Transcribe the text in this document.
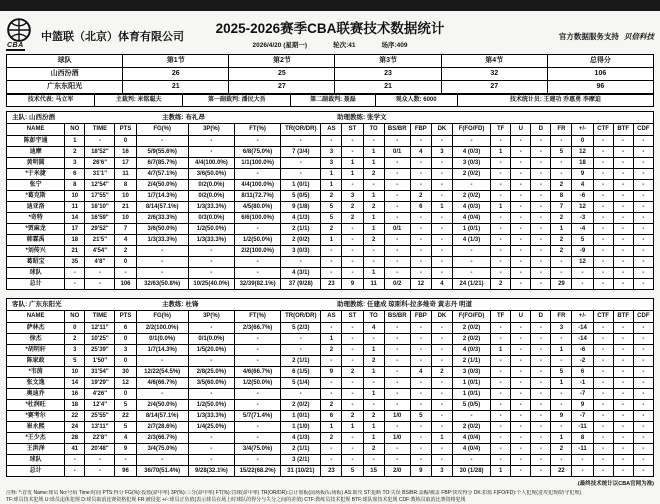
CBA
中篮联（北京）体育有限公司
2025-2026赛季CBA联赛技术数据统计
2026/4/20 (星期一)	轮次:41	场序:409
官方数据服务支持 贝倍科技
球队	第1节	第2节	第3节	第4节	总得分
山西汾酒	26	25	23	32	106
广东东阳光	21	27	21	27	96
技术代表: 马立军	主裁判: 米铭聪夫	第一副裁判: 潘民大吾	第二副裁判: 聂磊	观众人数: 6000	技术统计员: 王建功 乔惠勇 李摩迫
主队: 山西汾酒	主教练: 布礼昂	助理教练: 张学文
NAME	NO	TIME	PTS	FG(%)	3P(%)	FT(%)	TR(OR/DR)	AS	ST	TO	BS/BR	FBP	DK	F(FO/FD)	TF	U	D	FR	+/-	CTF	BTF	CDF
陈彭宇通	1	-	0	-	-	-	-	-	-	-	-	-	-	-	-	-	-	-	0	-	-	-
迪摩	2	18'52"	16	5/9(55.6%)	-	6/8(75.0%)	7 (3/4)	3	-	1	0/1	4	3	4 (0/3)	1	-	-	5	12	-	-	-
黄明圆	3	26'6"	17	6/7(85.7%)	4/4(100.0%)	1/1(100.0%)	-	3	1	1	-	-	-	3 (0/3)	-	-	-	-	18	-	-	-
*于米捷	6	31'1"	11	4/7(57.1%)	3/6(50.0%)	-	-	1	1	2	-	-	-	2 (0/2)	-	-	-	-	9	-	-	-
张宁	8	12'54"	8	2/4(50.0%)	0/2(0.0%)	4/4(100.0%)	1 (0/1)	1	-	-	-	-	-	-	-	-	-	2	4	-	-	-
*葛克斯	10	17'55"	10	1/7(14.3%)	0/2(0.0%)	8/11(72.7%)	5 (0/5)	2	3	1	-	2	-	2 (0/2)	-	-	-	8	-6	-	-	-
迪亚洛	11	16'10"	21	8/14(57.1%)	1/3(33.3%)	4/5(80.0%)	9 (1/8)	5	2	2	-	6	1	4 (0/3)	1	-	-	7	12	-	-	-
*奇特	14	16'59"	10	2/6(33.3%)	0/3(0.0%)	6/6(100.0%)	4 (1/3)	5	2	1	-	-	-	4 (0/4)	-	-	-	2	-3	-	-	-
*贾麻龙	17	29'52"	7	3/6(50.0%)	1/2(50.0%)	-	2 (1/1)	2	-	1	0/1	-	-	1 (0/1)	-	-	-	1	-4	-	-	-
韩霖禹	18	21'5"	4	1/3(33.3%)	1/3(33.3%)	1/2(50.0%)	2 (0/2)	1	-	2	-	-	-	4 (1/3)	-	-	-	2	5	-	-	-
*刘传兴	21	4'54"	2	-	-	2/2(100.0%)	3 (0/3)	-	-	-	-	-	-	-	-	-	-	2	-9	-	-	-
葛昭宝	35	4'8"	0	-	-	-	-	-	-	-	-	-	-	-	-	-	-	-	12	-	-	-
球队	-	-	-	-	-	-	4 (3/1)	-	-	1	-	-	-	-	-	-	-	-	-	-	-	-
总计	-	-	106	32/63(50.8%)	10/25(40.0%)	32/39(82.1%)	37 (9/28)	23	9	11	0/2	12	4	24 (1/21)	2	-	-	29	-	-	-	-
客队: 广东东阳光	主教练: 杜锋	助理教练: 任建成 琼斯科-拉多维奇 黄志丹 明道
NAME	NO	TIME	PTS	FG(%)	3P(%)	FT(%)	TR(OR/DR)	AS	ST	TO	BS/BR	FBP	DK	F(FO/FD)	TF	U	D	FR	+/-	CTF	BTF	CDF
萨林杰	0	12'11"	6	2/2(100.0%)	-	2/3(66.7%)	5 (2/3)	-	-	4	-	-	-	2 (0/2)	-	-	-	3	-14	-	-	-
徐杰	2	10'25"	0	0/1(0.0%)	0/1(0.0%)	-	-	1	-	-	-	-	-	2 (0/2)	-	-	-	-	-14	-	-	-
*胡明轩	3	25'39"	3	1/7(14.3%)	1/5(20.0%)	-	-	2	-	1	-	-	-	4 (0/3)	1	-	-	1	-6	-	-	-
陈家政	5	1'50"	0	-	-	-	2 (1/1)	-	-	2	-	-	-	2 (1/1)	-	-	-	-	-2	-	-	-
*韦茵	10	31'54"	30	12/22(54.5%)	2/8(25.0%)	4/6(66.7%)	6 (1/5)	9	2	1	-	4	2	3 (0/3)	-	-	-	5	6	-	-	-
张文逸	14	19'29"	12	4/6(66.7%)	3/5(60.0%)	1/2(50.0%)	5 (1/4)	-	-	-	-	-	-	1 (0/1)	-	-	-	1	-1	-	-	-
奥迪乔	16	4'26"	0	-	-	-	-	-	-	1	-	-	-	1 (0/1)	-	-	-	-	-7	-	-	-
*杜润旺	18	12'4"	5	2/4(50.0%)	1/2(50.0%)	-	2 (0/2)	2	-	-	-	-	-	5 (0/5)	-	-	-	-	9	-	-	-
*赛考尔	22	25'55"	22	8/14(57.1%)	1/3(33.3%)	5/7(71.4%)	1 (0/1)	6	2	2	1/0	5	-	-	-	-	-	9	-7	-	-	-
崔永熙	24	13'11"	5	2/7(28.6%)	1/4(25.0%)	-	1 (1/0)	1	1	1	-	-	-	2 (0/2)	-	-	-	-	-11	-	-	-
*王少杰	28	22'8"	4	2/3(66.7%)	-	-	4 (1/3)	2	-	1	1/0	-	1	4 (0/4)	-	-	-	1	8	-	-	-
王洪泽	41	20'48"	9	3/4(75.0%)	-	3/4(75.0%)	2 (1/1)	-	-	2	-	-	-	4 (0/4)	-	-	-	2	-11	-	-	-
球队	-	-	-	-	-	-	3 (2/1)	-	-	-	-	-	-	-	-	-	-	-	-	-	-	-
总计	-	-	96	36/70(51.4%)	9/28(32.1%)	15/22(68.2%)	31 (10/21)	23	5	15	2/0	9	3	30 (1/28)	1	-	-	22	-	-	-	-
(最终技术统计以CBA官网为准)
注释: *:首发 Name:球员 No:号码 Time:时间 PTS:得分 FG(%):投篮(命中率) 3P(%):三分(命中率) FT(%):罚球(命中率) TR(OR/DR):总计篮板(前场板/后场板) AS:助攻 ST:抢断 TO:失误 BS/BR:盖帽/被盖 FBP:快攻得分 DK:扣篮 F(FO/FD):个人犯规(进攻犯规/防守犯规)
TF:球员技术犯规 U:球员违体犯规 D:球员取消比赛资格犯规 FR:被侵犯 +/-:球员正负值(表示球员在场上时球队的得分与失分之间的差值) CTF:教练员技术犯规 BTF:球队席技术犯规 CDF:教练员取消比赛资格犯规
